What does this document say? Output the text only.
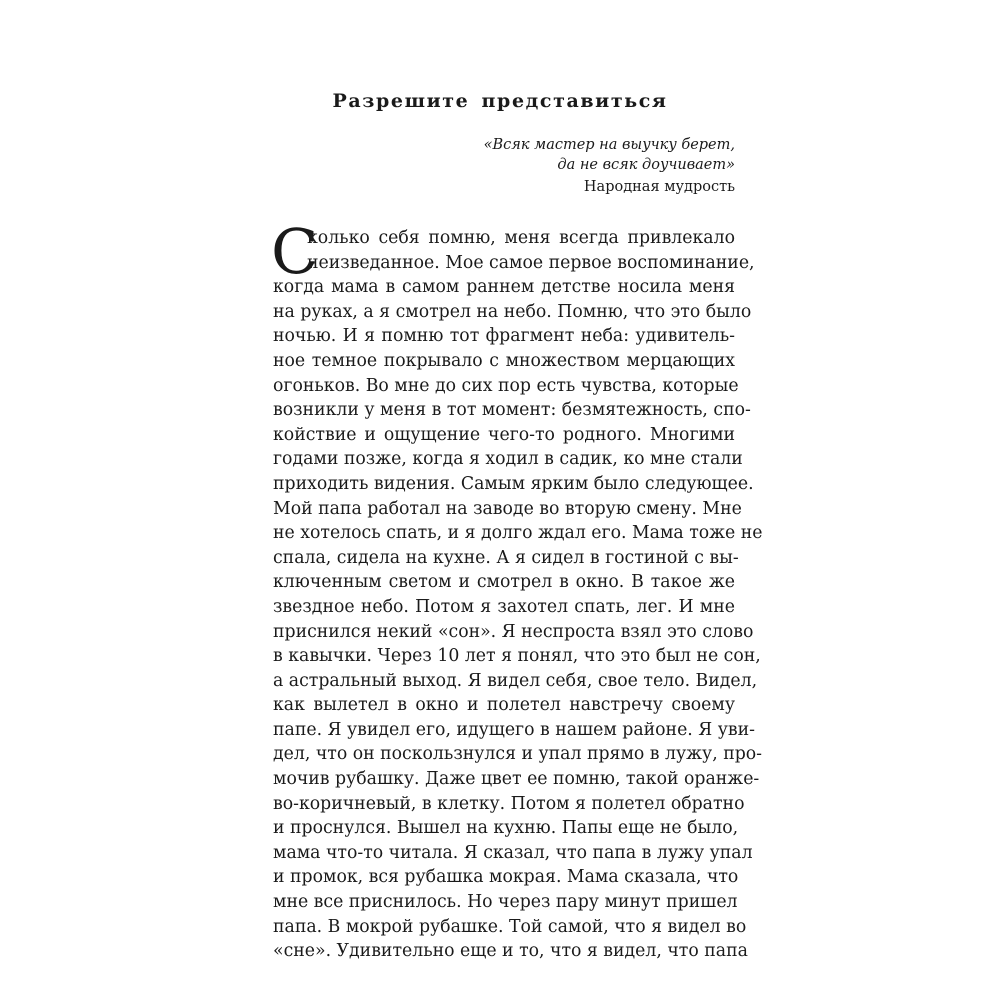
Разрешите представиться
«Всяк мастер на выучку берет,
да не всяк доучивает»
Народная мудрость
С
колько себя помню, меня всегда привлекало
неизведанное. Мое самое первое воспоминание,
когда мама в самом раннем детстве носила меня
на руках, а я смотрел на небо. Помню, что это было
ночью. И я помню тот фрагмент неба: удивитель-
ное темное покрывало с множеством мерцающих
огоньков. Во мне до сих пор есть чувства, которые
возникли у меня в тот момент: безмятежность, спо-
койствие и ощущение чего-то родного. Многими
годами позже, когда я ходил в садик, ко мне стали
приходить видения. Самым ярким было следующее.
Мой папа работал на заводе во вторую смену. Мне
не хотелось спать, и я долго ждал его. Мама тоже не
спала, сидела на кухне. А я сидел в гостиной с вы-
ключенным светом и смотрел в окно. В такое же
звездное небо. Потом я захотел спать, лег. И мне
приснился некий «сон». Я неспроста взял это слово
в кавычки. Через 10 лет я понял, что это был не сон,
а астральный выход. Я видел себя, свое тело. Видел,
как вылетел в окно и полетел навстречу своему
папе. Я увидел его, идущего в нашем районе. Я уви-
дел, что он поскользнулся и упал прямо в лужу, про-
мочив рубашку. Даже цвет ее помню, такой оранже-
во-коричневый, в клетку. Потом я полетел обратно
и проснулся. Вышел на кухню. Папы еще не было,
мама что-то читала. Я сказал, что папа в лужу упал
и промок, вся рубашка мокрая. Мама сказала, что
мне все приснилось. Но через пару минут пришел
папа. В мокрой рубашке. Той самой, что я видел во
«сне». Удивительно еще и то, что я видел, что папа
